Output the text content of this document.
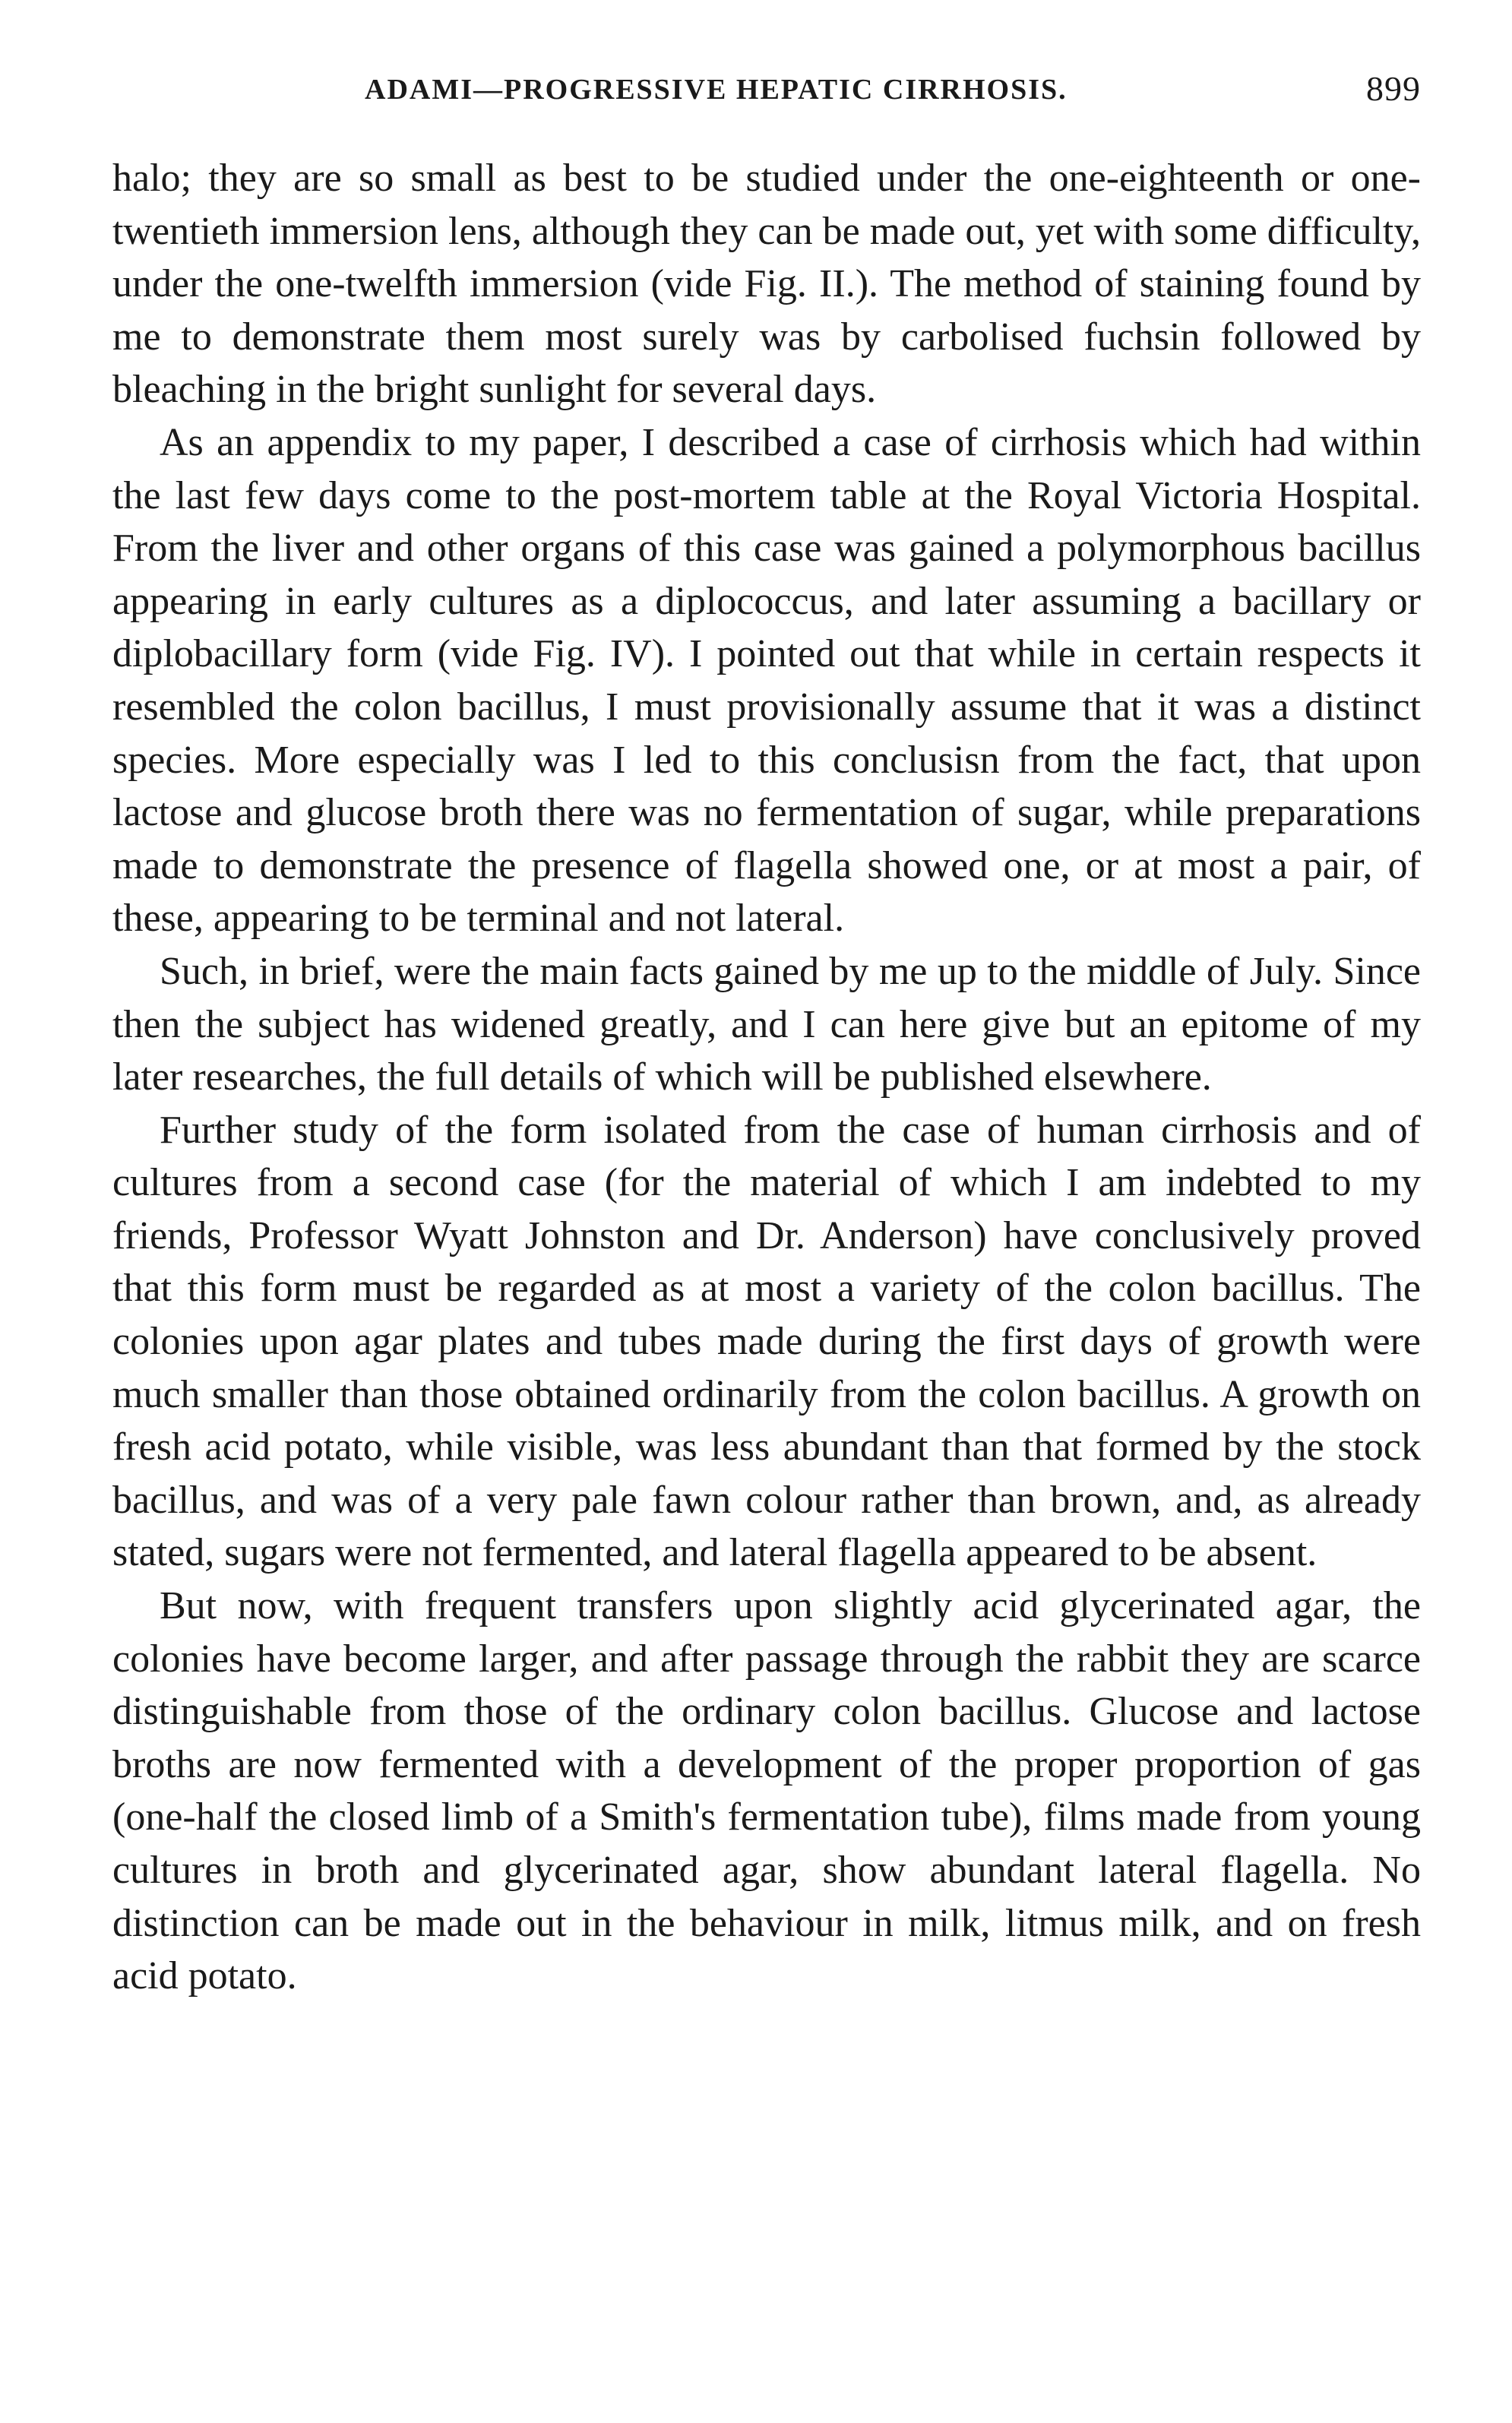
ADAMI—PROGRESSIVE HEPATIC CIRRHOSIS.	899

halo; they are so small as best to be studied under the one-eighteenth or one-twentieth immersion lens, although they can be made out, yet with some difficulty, under the one-twelfth immersion (vide Fig. II.). The method of staining found by me to demonstrate them most surely was by carbolised fuchsin followed by bleaching in the bright sunlight for several days.

As an appendix to my paper, I described a case of cirrhosis which had within the last few days come to the post-mortem table at the Royal Victoria Hospital. From the liver and other organs of this case was gained a polymorphous bacillus appearing in early cultures as a diplococcus, and later assuming a bacillary or diplobacillary form (vide Fig. IV). I pointed out that while in certain respects it resembled the colon bacillus, I must provisionally assume that it was a distinct species. More especially was I led to this conclusisn from the fact, that upon lactose and glucose broth there was no fermentation of sugar, while preparations made to demonstrate the presence of flagella showed one, or at most a pair, of these, appearing to be terminal and not lateral.

Such, in brief, were the main facts gained by me up to the middle of July. Since then the subject has widened greatly, and I can here give but an epitome of my later researches, the full details of which will be published elsewhere.

Further study of the form isolated from the case of human cirrhosis and of cultures from a second case (for the material of which I am indebted to my friends, Professor Wyatt Johnston and Dr. Anderson) have conclusively proved that this form must be regarded as at most a variety of the colon bacillus. The colonies upon agar plates and tubes made during the first days of growth were much smaller than those obtained ordinarily from the colon bacillus. A growth on fresh acid potato, while visible, was less abundant than that formed by the stock bacillus, and was of a very pale fawn colour rather than brown, and, as already stated, sugars were not fermented, and lateral flagella appeared to be absent.

But now, with frequent transfers upon slightly acid glycerinated agar, the colonies have become larger, and after passage through the rabbit they are scarce distinguishable from those of the ordinary colon bacillus. Glucose and lactose broths are now fermented with a development of the proper proportion of gas (one-half the closed limb of a Smith's fermentation tube), films made from young cultures in broth and glycerinated agar, show abundant lateral flagella. No distinction can be made out in the behaviour in milk, litmus milk, and on fresh acid potato.
